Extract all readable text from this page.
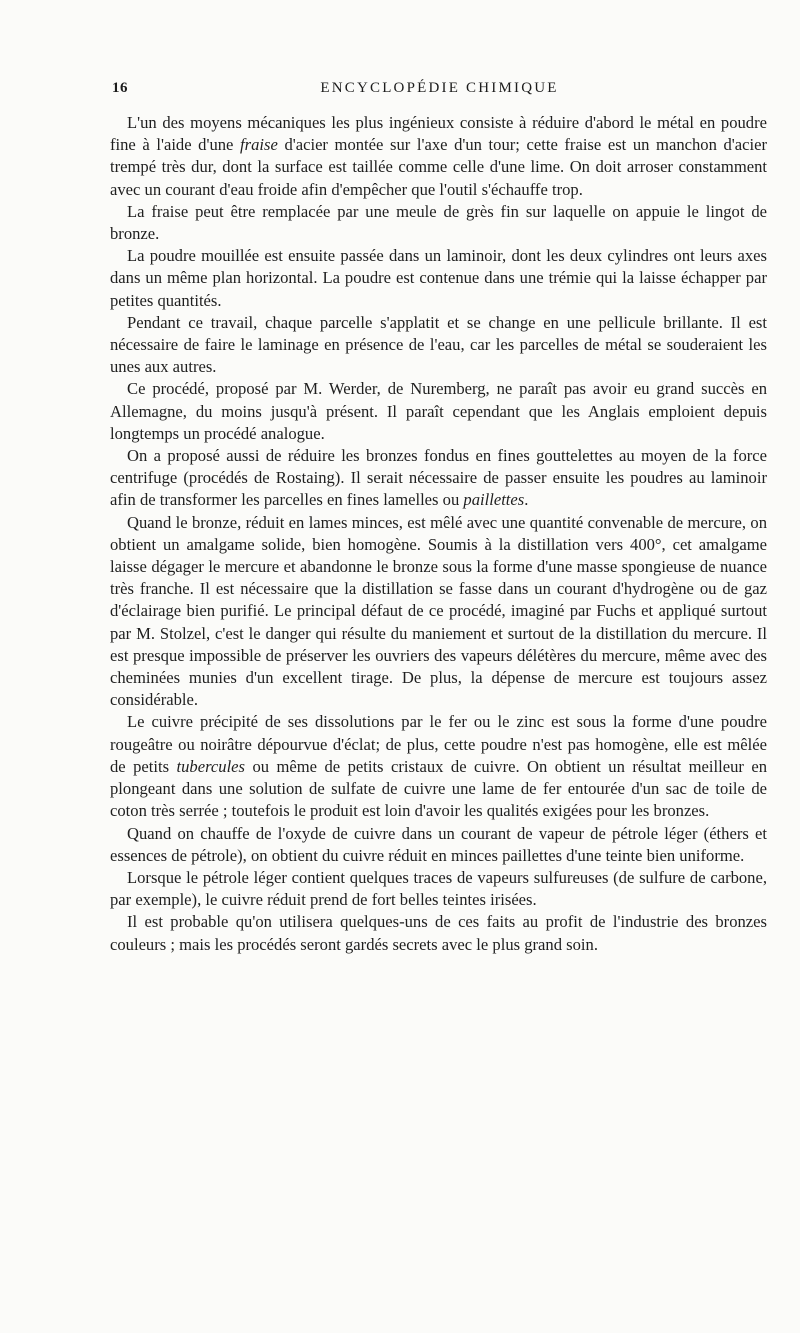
16	ENCYCLOPÉDIE CHIMIQUE

L'un des moyens mécaniques les plus ingénieux consiste à réduire d'abord le métal en poudre fine à l'aide d'une fraise d'acier montée sur l'axe d'un tour; cette fraise est un manchon d'acier trempé très dur, dont la surface est taillée comme celle d'une lime. On doit arroser constamment avec un courant d'eau froide afin d'empêcher que l'outil s'échauffe trop.

La fraise peut être remplacée par une meule de grès fin sur laquelle on appuie le lingot de bronze.

La poudre mouillée est ensuite passée dans un laminoir, dont les deux cylindres ont leurs axes dans un même plan horizontal. La poudre est contenue dans une trémie qui la laisse échapper par petites quantités.

Pendant ce travail, chaque parcelle s'applatit et se change en une pellicule brillante. Il est nécessaire de faire le laminage en présence de l'eau, car les parcelles de métal se souderaient les unes aux autres.

Ce procédé, proposé par M. Werder, de Nuremberg, ne paraît pas avoir eu grand succès en Allemagne, du moins jusqu'à présent. Il paraît cependant que les Anglais emploient depuis longtemps un procédé analogue.

On a proposé aussi de réduire les bronzes fondus en fines gouttelettes au moyen de la force centrifuge (procédés de Rostaing). Il serait nécessaire de passer ensuite les poudres au laminoir afin de transformer les parcelles en fines lamelles ou paillettes.

Quand le bronze, réduit en lames minces, est mêlé avec une quantité convenable de mercure, on obtient un amalgame solide, bien homogène. Soumis à la distillation vers 400°, cet amalgame laisse dégager le mercure et abandonne le bronze sous la forme d'une masse spongieuse de nuance très franche. Il est nécessaire que la distillation se fasse dans un courant d'hydrogène ou de gaz d'éclairage bien purifié. Le principal défaut de ce procédé, imaginé par Fuchs et appliqué surtout par M. Stolzel, c'est le danger qui résulte du maniement et surtout de la distillation du mercure. Il est presque impossible de préserver les ouvriers des vapeurs délétères du mercure, même avec des cheminées munies d'un excellent tirage. De plus, la dépense de mercure est toujours assez considérable.

Le cuivre précipité de ses dissolutions par le fer ou le zinc est sous la forme d'une poudre rougeâtre ou noirâtre dépourvue d'éclat; de plus, cette poudre n'est pas homogène, elle est mêlée de petits tubercules ou même de petits cristaux de cuivre. On obtient un résultat meilleur en plongeant dans une solution de sulfate de cuivre une lame de fer entourée d'un sac de toile de coton très serrée ; toutefois le produit est loin d'avoir les qualités exigées pour les bronzes.

Quand on chauffe de l'oxyde de cuivre dans un courant de vapeur de pétrole léger (éthers et essences de pétrole), on obtient du cuivre réduit en minces paillettes d'une teinte bien uniforme.

Lorsque le pétrole léger contient quelques traces de vapeurs sulfureuses (de sulfure de carbone, par exemple), le cuivre réduit prend de fort belles teintes irisées.

Il est probable qu'on utilisera quelques-uns de ces faits au profit de l'industrie des bronzes couleurs ; mais les procédés seront gardés secrets avec le plus grand soin.
